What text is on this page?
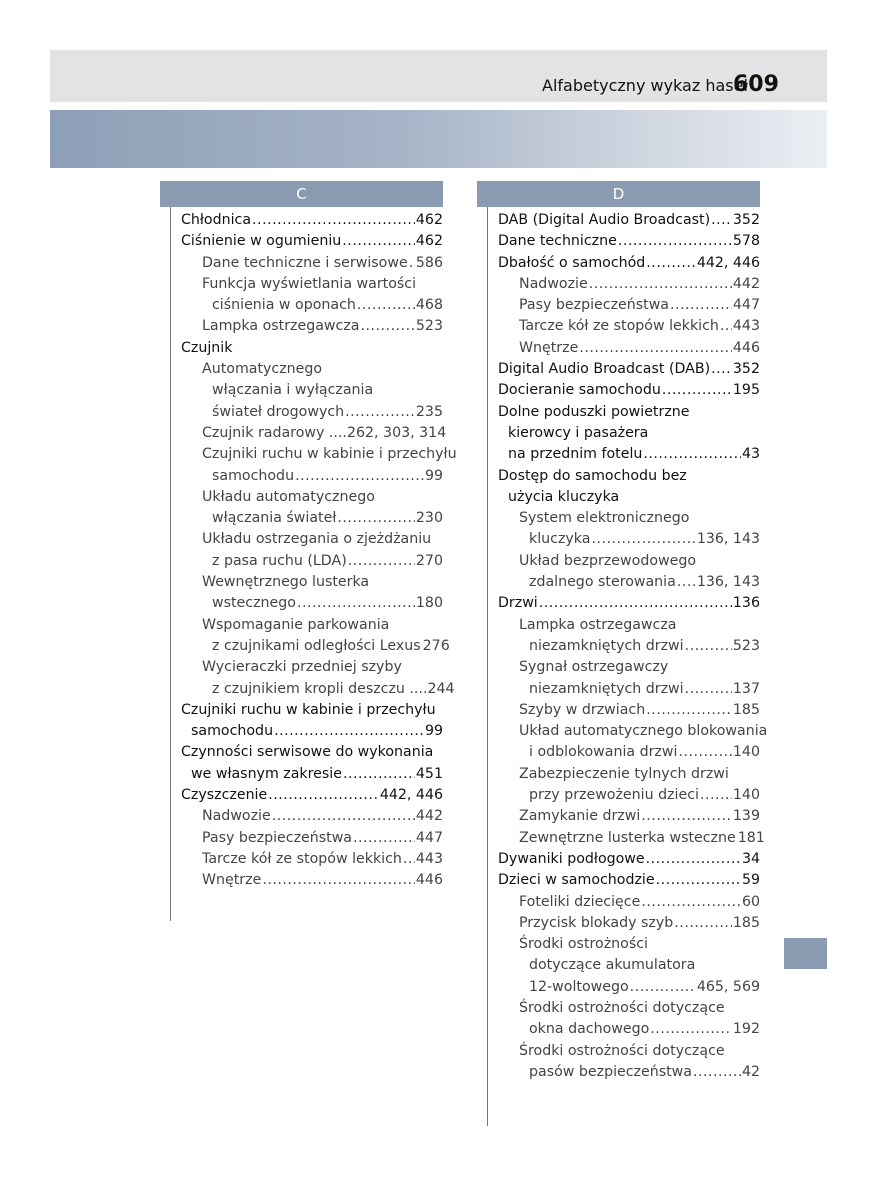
Alfabetyczny wykaz haseł
609
C
Chłodnica .....	462
Ciśnienie w ogumieniu .....	462
Dane techniczne i serwisowe ..... 586
Funkcja wyświetlania wartości
ciśnienia w oponach .....	468
Lampka ostrzegawcza .....	523
Czujnik
Automatycznego
włączania i wyłączania
świateł drogowych .....	235
Czujnik radarowy .... 262, 303, 314
Czujniki ruchu w kabinie i przechyłu
samochodu .....	99
Układu automatycznego
włączania świateł .....	230
Układu ostrzegania o zjeżdżaniu
z pasa ruchu (LDA) .....	270
Wewnętrznego lusterka
wstecznego .....	180
Wspomaganie parkowania
z czujnikami odległości Lexus 276
Wycieraczki przedniej szyby
z czujnikiem kropli deszczu .... 244
Czujniki ruchu w kabinie i przechyłu
samochodu .....	99
Czynności serwisowe do wykonania
we własnym zakresie .....	451
Czyszczenie .....	442, 446
Nadwozie .....	442
Pasy bezpieczeństwa .....	447
Tarcze kół ze stopów lekkich ..... 443
Wnętrze .....	446
D
DAB (Digital Audio Broadcast) ..... 352
Dane techniczne .....	578
Dbałość o samochód .....	442, 446
Nadwozie .....	442
Pasy bezpieczeństwa .....	447
Tarcze kół ze stopów lekkich ..... 443
Wnętrze .....	446
Digital Audio Broadcast (DAB) ..... 352
Docieranie samochodu .....	195
Dolne poduszki powietrzne
kierowcy i pasażera
na przednim fotelu .....	43
Dostęp do samochodu bez
użycia kluczyka
System elektronicznego
kluczyka .....	136, 143
Układ bezprzewodowego
zdalnego sterowania ..... 136, 143
Drzwi .....	136
Lampka ostrzegawcza
niezamkniętych drzwi .....	523
Sygnał ostrzegawczy
niezamkniętych drzwi .....	137
Szyby w drzwiach .....	185
Układ automatycznego blokowania
i odblokowania drzwi .....	140
Zabezpieczenie tylnych drzwi
przy przewożeniu dzieci ..... 140
Zamykanie drzwi .....	139
Zewnętrzne lusterka wsteczne 181
Dywaniki podłogowe .....	34
Dzieci w samochodzie .....	59
Foteliki dziecięce .....	60
Przycisk blokady szyb .....	185
Środki ostrożności
dotyczące akumulatora
12-woltowego .....	465, 569
Środki ostrożności dotyczące
okna dachowego .....	192
Środki ostrożności dotyczące
pasów bezpieczeństwa .....	42
